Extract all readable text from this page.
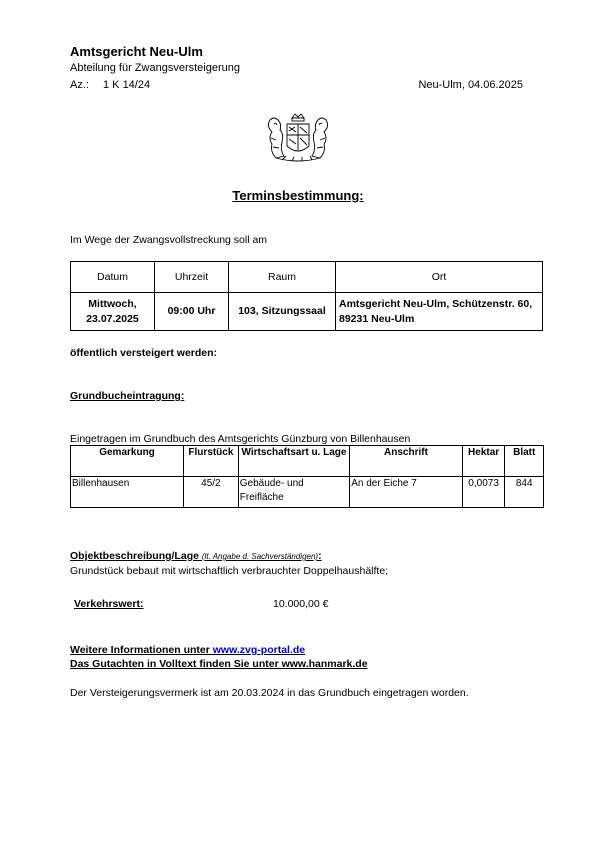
Amtsgericht Neu-Ulm
Abteilung für Zwangsversteigerung
Az.: 1 K 14/24	Neu-Ulm, 04.06.2025
Terminsbestimmung:
Im Wege der Zwangsvollstreckung soll am
Datum	Uhrzeit	Raum	Ort
Mittwoch,
23.07.2025	09:00 Uhr	103, Sitzungssaal	Amtsgericht Neu-Ulm, Schützenstr. 60, 89231 Neu-Ulm
öffentlich versteigert werden:
Grundbucheintragung:
Eingetragen im Grundbuch des Amtsgerichts Günzburg von Billenhausen
Gemarkung	Flurstück	Wirtschaftsart u. Lage	Anschrift	Hektar	Blatt
Billenhausen	45/2	Gebäude- und Freifläche	An der Eiche 7	0,0073	844
Objektbeschreibung/Lage (lt. Angabe d. Sachverständigen):
Grundstück bebaut mit wirtschaftlich verbrauchter Doppelhaushälfte;
Verkehrswert:	10.000,00 €
Weitere Informationen unter www.zvg-portal.de
Das Gutachten in Volltext finden Sie unter www.hanmark.de
Der Versteigerungsvermerk ist am 20.03.2024 in das Grundbuch eingetragen worden.
